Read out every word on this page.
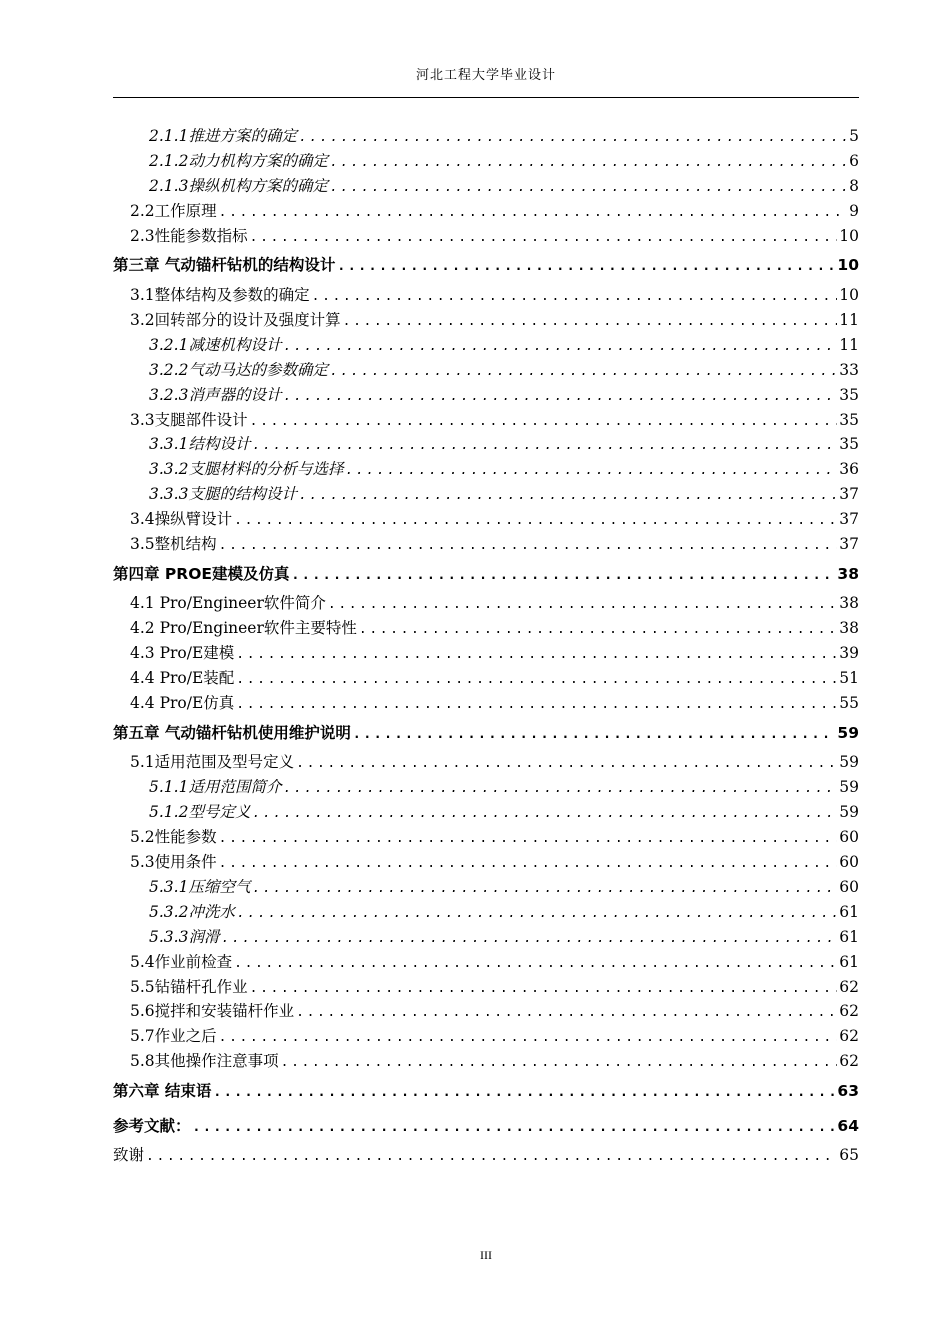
河北工程大学毕业设计
2.1.1推进方案的确定 .....	5
2.1.2动力机构方案的确定 .....	6
2.1.3操纵机构方案的确定 .....	8
2.2工作原理 .....	9
2.3性能参数指标 .....	10
第三章 气动锚杆钻机的结构设计 .....	10
3.1整体结构及参数的确定 .....	10
3.2回转部分的设计及强度计算 .....	11
3.2.1减速机构设计 .....	11
3.2.2气动马达的参数确定 .....	33
3.2.3消声器的设计 .....	35
3.3支腿部件设计 .....	35
3.3.1结构设计 .....	35
3.3.2支腿材料的分析与选择 .....	36
3.3.3支腿的结构设计 .....	37
3.4操纵臂设计 .....	37
3.5整机结构 .....	37
第四章 PROE建模及仿真 .....	38
4.1 Pro/Engineer软件简介 .....	38
4.2 Pro/Engineer软件主要特性 .....	38
4.3 Pro/E建模 .....	39
4.4 Pro/E装配 .....	51
4.4 Pro/E仿真 .....	55
第五章 气动锚杆钻机使用维护说明 .....	59
5.1适用范围及型号定义 .....	59
5.1.1适用范围简介 .....	59
5.1.2型号定义 .....	59
5.2性能参数 .....	60
5.3使用条件 .....	60
5.3.1压缩空气 .....	60
5.3.2冲洗水 .....	61
5.3.3润滑 .....	61
5.4作业前检查 .....	61
5.5钻锚杆孔作业 .....	62
5.6搅拌和安装锚杆作业 .....	62
5.7作业之后 .....	62
5.8其他操作注意事项 .....	62
第六章 结束语 .....	63
参考文献： .....	64
致谢 .....	65
III
